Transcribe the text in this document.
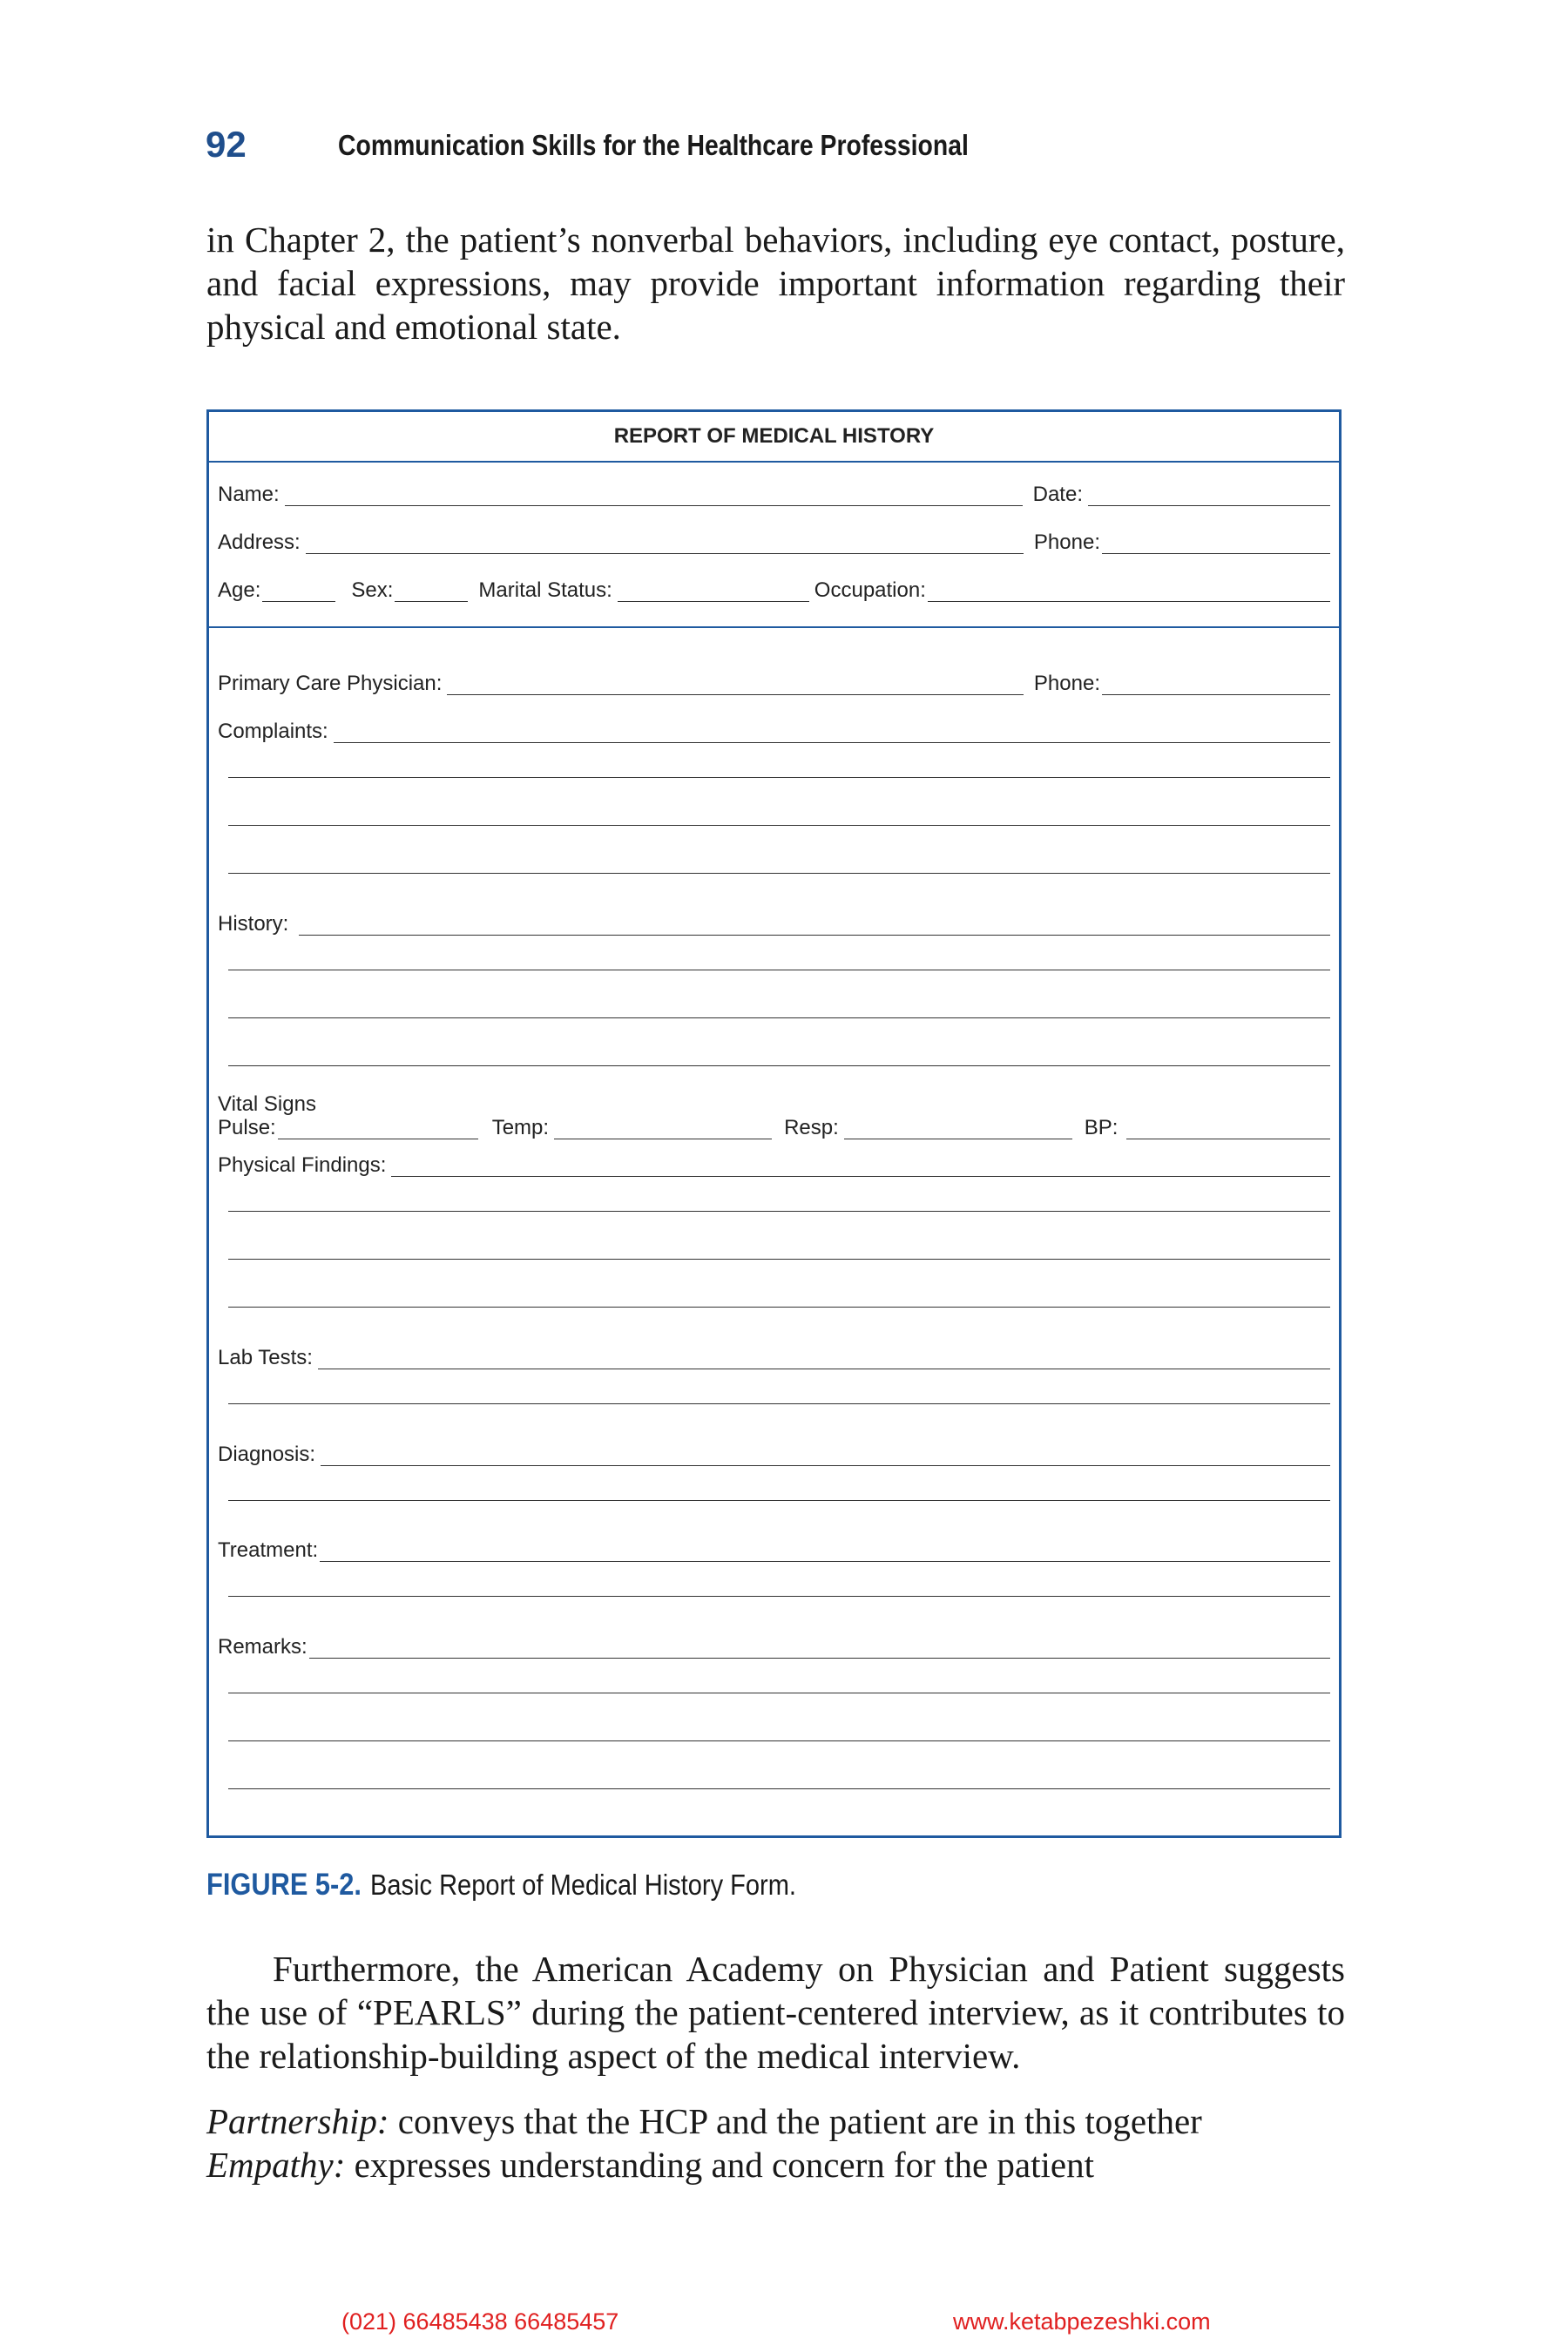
92	Communication Skills for the Healthcare Professional

in Chapter 2, the patient’s nonverbal behaviors, including eye contact, posture, and facial expressions, may provide important information regarding their physical and emotional state.

REPORT OF MEDICAL HISTORY
Name:	Date:
Address:	Phone:
Age:	Sex:	Marital Status:	Occupation:
Primary Care Physician:	Phone:
Complaints:
History:
Vital Signs
Pulse:	Temp:	Resp:	BP:
Physical Findings:
Lab Tests:
Diagnosis:
Treatment:
Remarks:
FIGURE 5-2. Basic Report of Medical History Form.

Furthermore, the American Academy on Physician and Patient suggests the use of “PEARLS” during the patient-centered interview, as it contributes to the relationship-building aspect of the medical interview.

Partnership: conveys that the HCP and the patient are in this together
Empathy: expresses understanding and concern for the patient
(021) 66485438 66485457	www.ketabpezeshki.com
